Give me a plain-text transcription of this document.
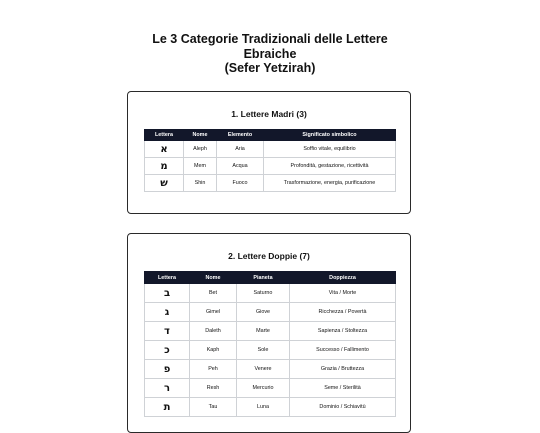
Le 3 Categorie Tradizionali delle Lettere
Ebraiche
(Sefer Yetzirah)
1. Lettere Madri (3)
Lettera	Nome	Elemento	Significato simbolico
א	Aleph	Aria	Soffio vitale, equilibrio
מ	Mem	Acqua	Profondità, gestazione, ricettività
ש	Shin	Fuoco	Trasformazione, energia, purificazione
2. Lettere Doppie (7)
Lettera	Nome	Pianeta	Doppiezza
ב	Bet	Saturno	Vita / Morte
ג	Gimel	Giove	Ricchezza / Povertà
ד	Daleth	Marte	Sapienza / Stoltezza
כ	Kaph	Sole	Successo / Fallimento
פ	Peh	Venere	Grazia / Bruttezza
ר	Resh	Mercurio	Seme / Sterilità
ת	Tau	Luna	Dominio / Schiavitù
